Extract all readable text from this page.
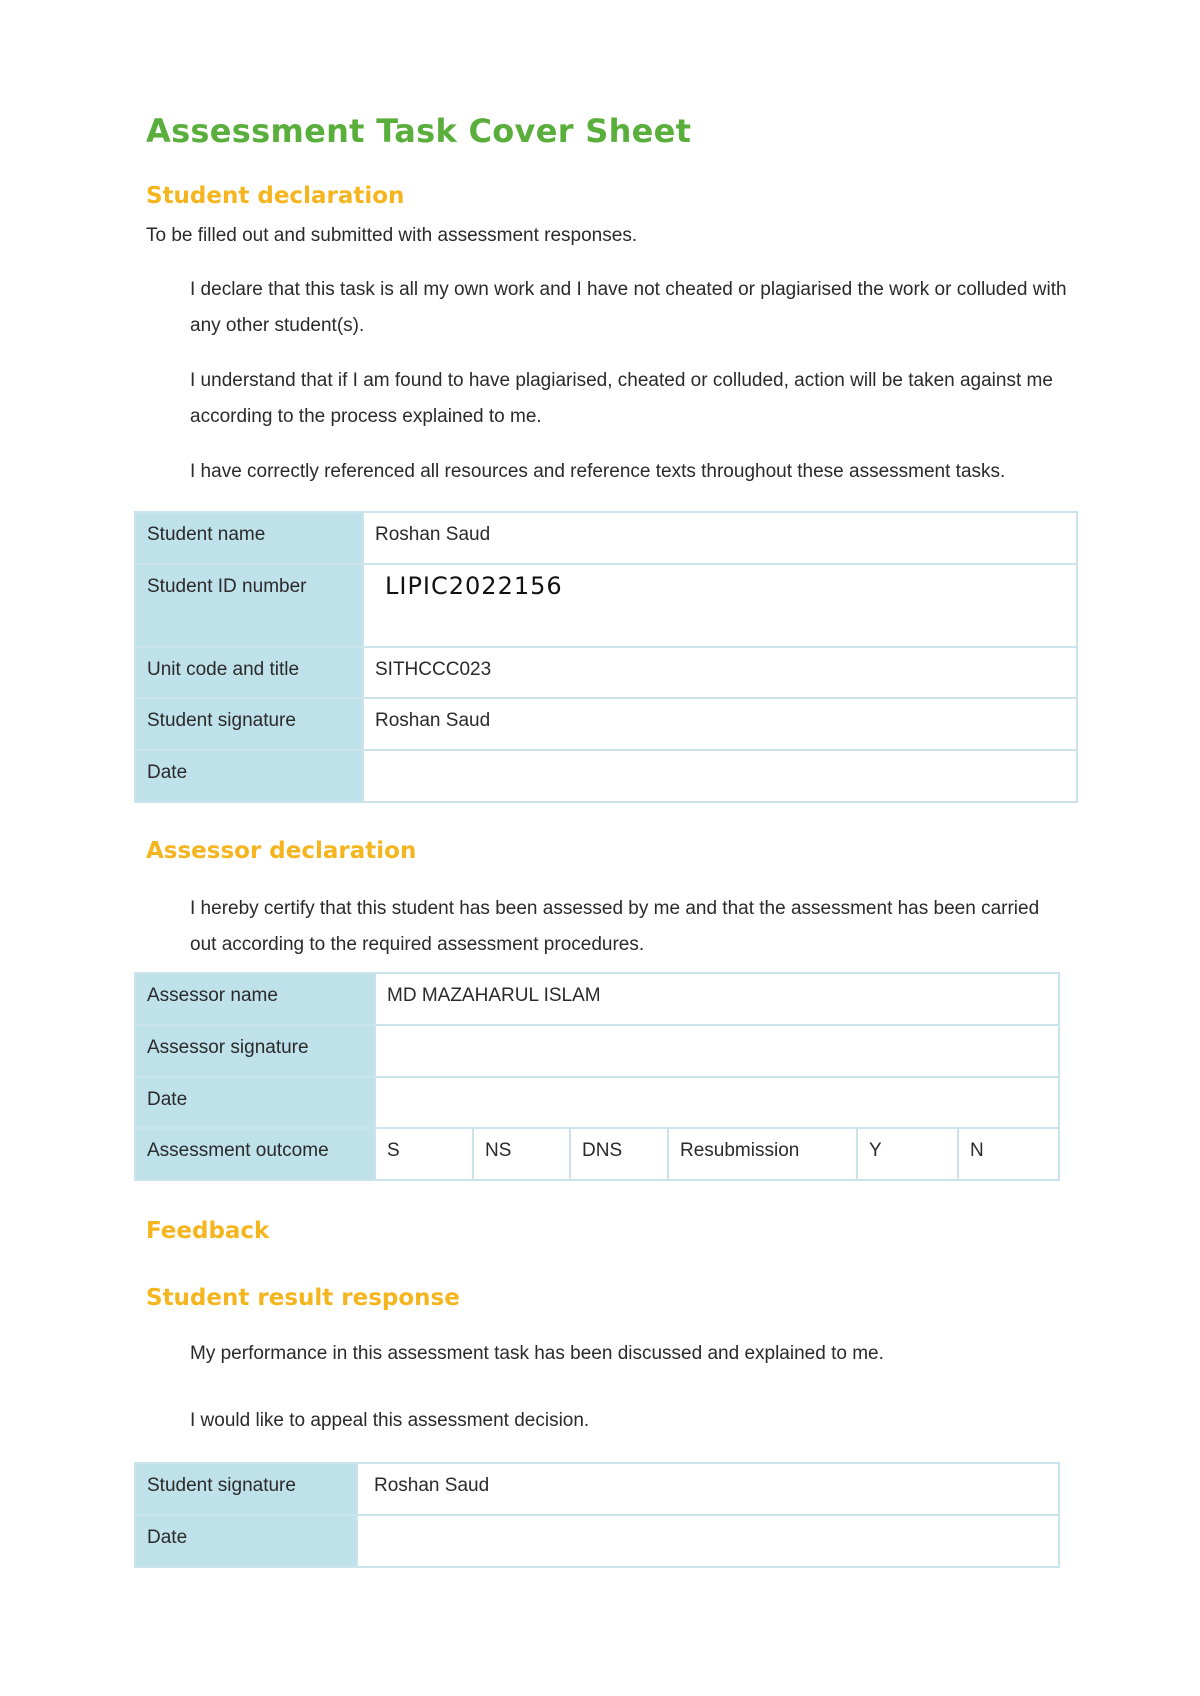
Assessment Task Cover Sheet
Student declaration

To be filled out and submitted with assessment responses.

I declare that this task is all my own work and I have not cheated or plagiarised the work or colluded with any other student(s).

I understand that if I am found to have plagiarised, cheated or colluded, action will be taken against me according to the process explained to me.

I have correctly referenced all resources and reference texts throughout these assessment tasks.

Student name	Roshan Saud
Student ID number	LIPIC2022156
Unit code and title	SITHCCC023
Student signature	Roshan Saud
Date	
Assessor declaration

I hereby certify that this student has been assessed by me and that the assessment has been carried out according to the required assessment procedures.

Assessor name	MD MAZAHARUL ISLAM					
Assessor signature						
Date						
Assessment outcome	S	NS	DNS	Resubmission	Y	N
Feedback
Student result response

My performance in this assessment task has been discussed and explained to me.

I would like to appeal this assessment decision.

Student signature	Roshan Saud
Date	
